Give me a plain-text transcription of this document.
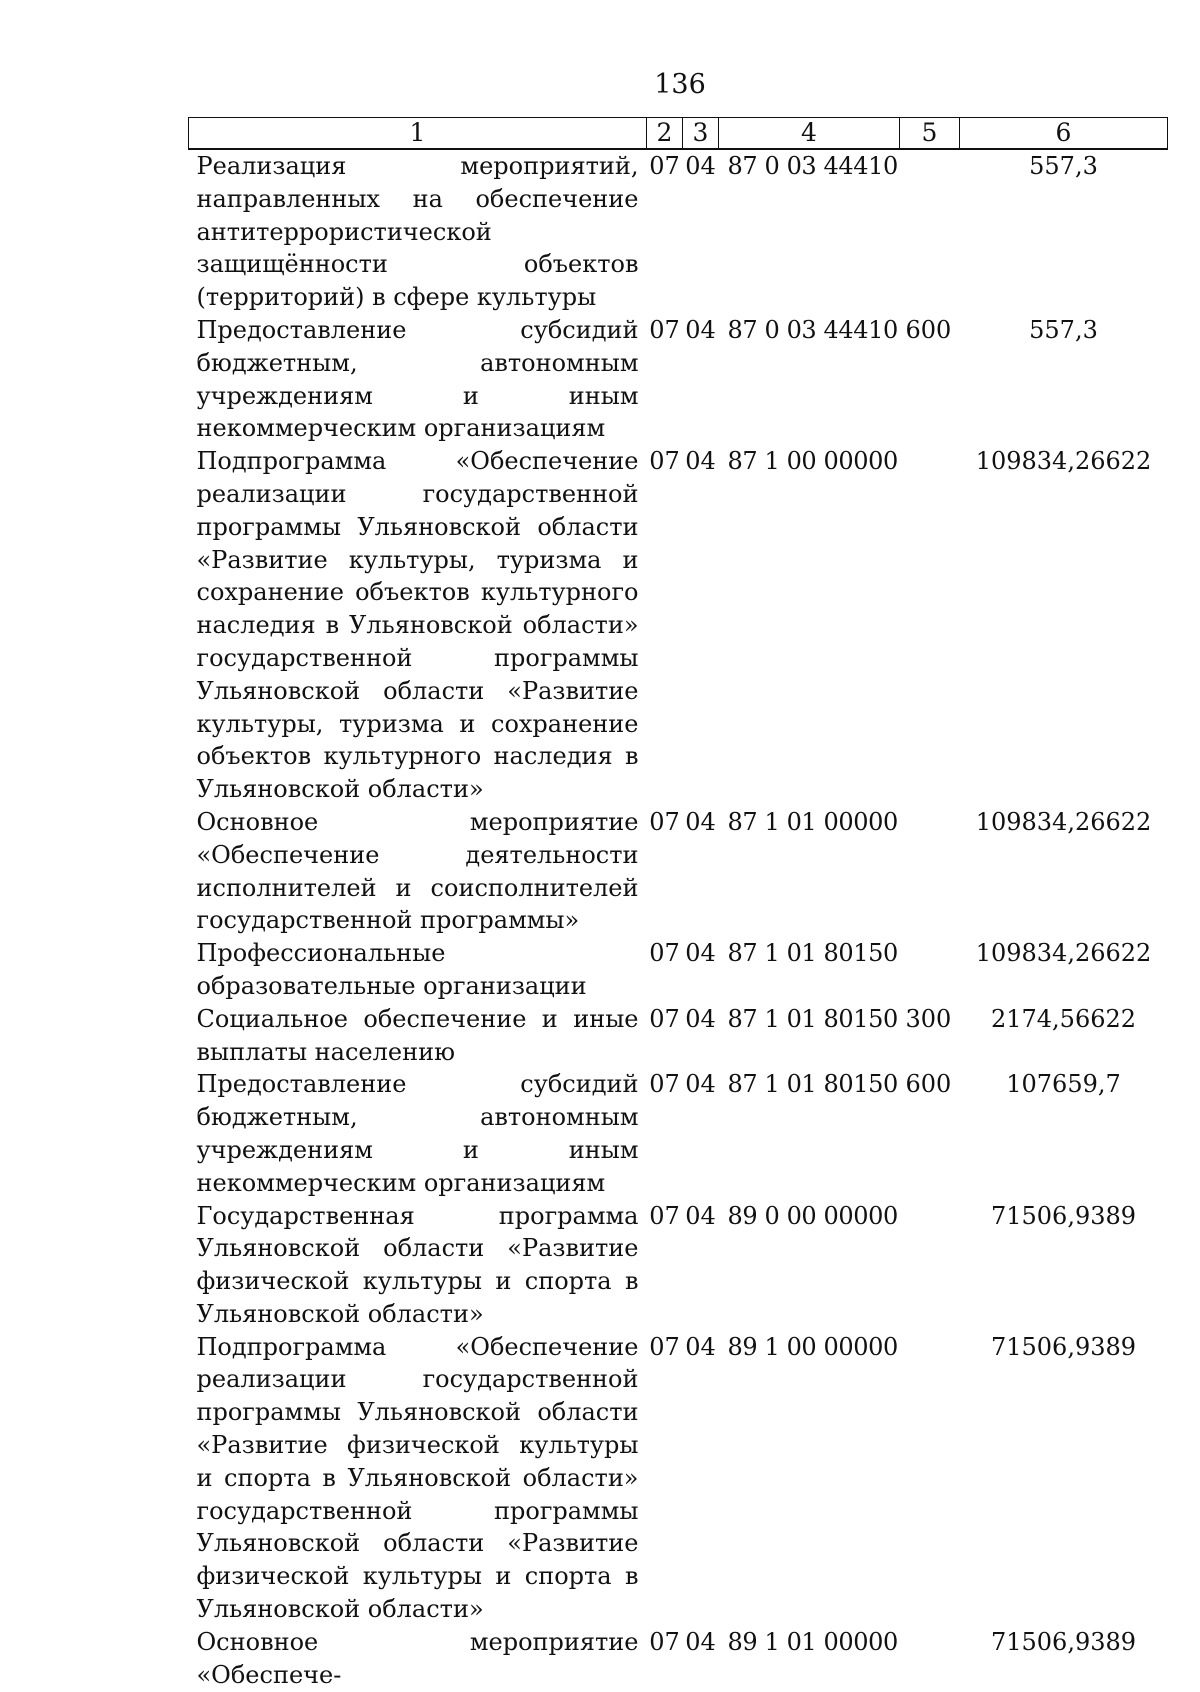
136
1	2	3	4	5	6
Реализация мероприятий, направленных на обеспечение антитеррористической защищённости объектов (территорий) в сфере культуры	07	04	87 0 03 44410		557,3
Предоставление субсидий бюджетным, автономным учреждениям и иным некоммерческим организациям	07	04	87 0 03 44410	600	557,3
Подпрограмма «Обеспечение реализации государственной программы Ульяновской области «Развитие культуры, туризма и сохранение объектов культурного наследия в Ульяновской области» государственной программы Ульяновской области «Развитие культуры, туризма и сохранение объектов культурного наследия в Ульяновской области»	07	04	87 1 00 00000		109834,26622
Основное мероприятие «Обеспечение деятельности исполнителей и соисполнителей государственной программы»	07	04	87 1 01 00000		109834,26622
Профессиональные образовательные организации	07	04	87 1 01 80150		109834,26622
Социальное обеспечение и иные выплаты населению	07	04	87 1 01 80150	300	2174,56622
Предоставление субсидий бюджетным, автономным учреждениям и иным некоммерческим организациям	07	04	87 1 01 80150	600	107659,7
Государственная программа Ульяновской области «Развитие физической культуры и спорта в Ульяновской области»	07	04	89 0 00 00000		71506,9389
Подпрограмма «Обеспечение реализации государственной программы Ульяновской области «Развитие физической культуры и спорта в Ульяновской области» государственной программы Ульяновской области «Развитие физической культуры и спорта в Ульяновской области»	07	04	89 1 00 00000		71506,9389
Основное мероприятие «Обеспече-	07	04	89 1 01 00000		71506,9389
